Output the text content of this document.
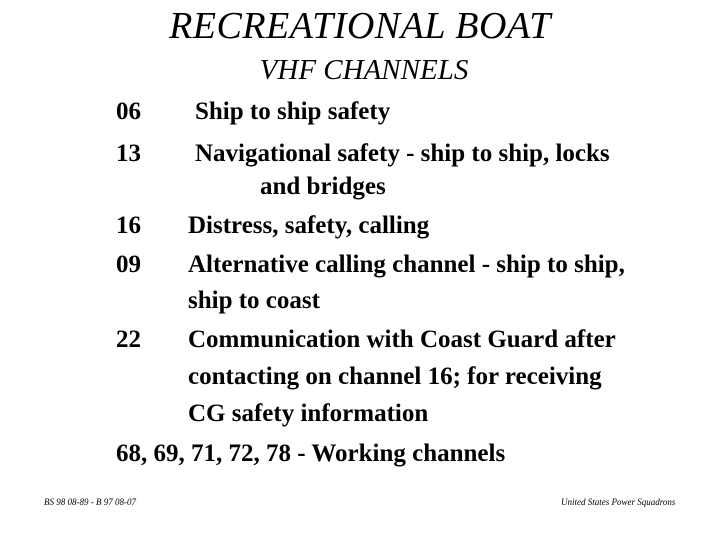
RECREATIONAL BOAT
VHF CHANNELS
06 Ship to ship safety
13 Navigational safety - ship to ship, locks
and bridges
16 Distress, safety, calling
09 Alternative calling channel - ship to ship,
ship to coast
22 Communication with Coast Guard after
contacting on channel 16; for receiving
CG safety information
68, 69, 71, 72, 78 - Working channels
BS 98 08-89 - B 97 08-07	United States Power Squadrons
